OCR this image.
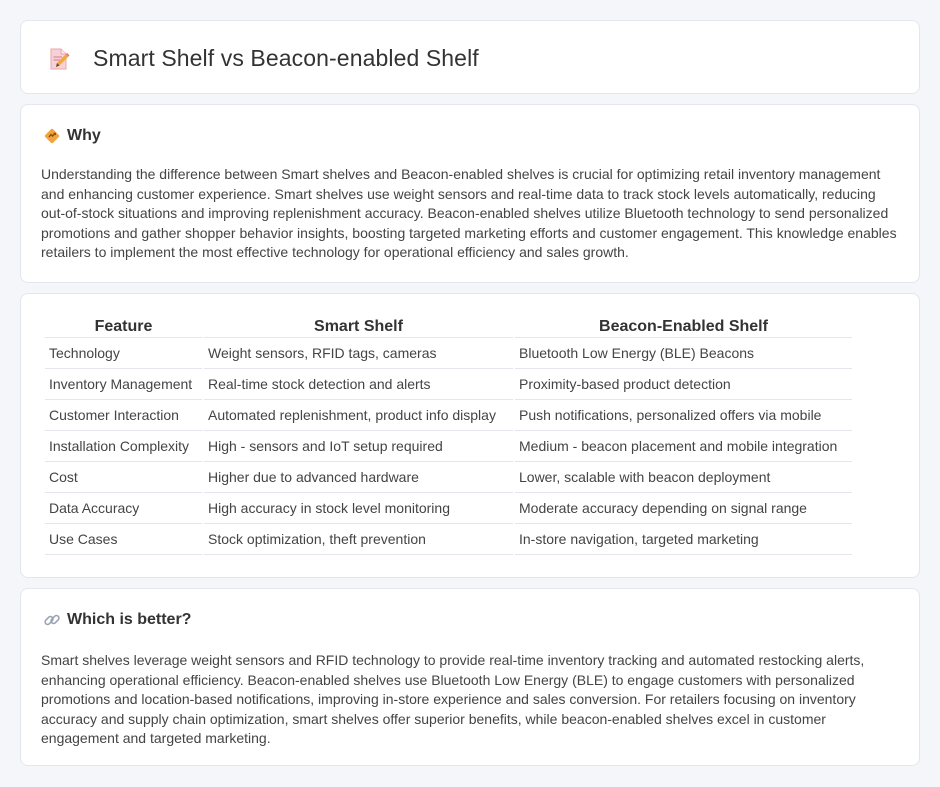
Smart Shelf vs Beacon-enabled Shelf
Why

Understanding the difference between Smart shelves and Beacon-enabled shelves is crucial for optimizing retail inventory management and enhancing customer experience. Smart shelves use weight sensors and real-time data to track stock levels automatically, reducing out-of-stock situations and improving replenishment accuracy. Beacon-enabled shelves utilize Bluetooth technology to send personalized promotions and gather shopper behavior insights, boosting targeted marketing efforts and customer engagement. This knowledge enables retailers to implement the most effective technology for operational efficiency and sales growth.

Feature	Smart Shelf	Beacon-Enabled Shelf
Technology	Weight sensors, RFID tags, cameras	Bluetooth Low Energy (BLE) Beacons
Inventory Management	Real-time stock detection and alerts	Proximity-based product detection
Customer Interaction	Automated replenishment, product info display	Push notifications, personalized offers via mobile
Installation Complexity	High - sensors and IoT setup required	Medium - beacon placement and mobile integration
Cost	Higher due to advanced hardware	Lower, scalable with beacon deployment
Data Accuracy	High accuracy in stock level monitoring	Moderate accuracy depending on signal range
Use Cases	Stock optimization, theft prevention	In-store navigation, targeted marketing
Which is better?

Smart shelves leverage weight sensors and RFID technology to provide real-time inventory tracking and automated restocking alerts, enhancing operational efficiency. Beacon-enabled shelves use Bluetooth Low Energy (BLE) to engage customers with personalized promotions and location-based notifications, improving in-store experience and sales conversion. For retailers focusing on inventory accuracy and supply chain optimization, smart shelves offer superior benefits, while beacon-enabled shelves excel in customer engagement and targeted marketing.
